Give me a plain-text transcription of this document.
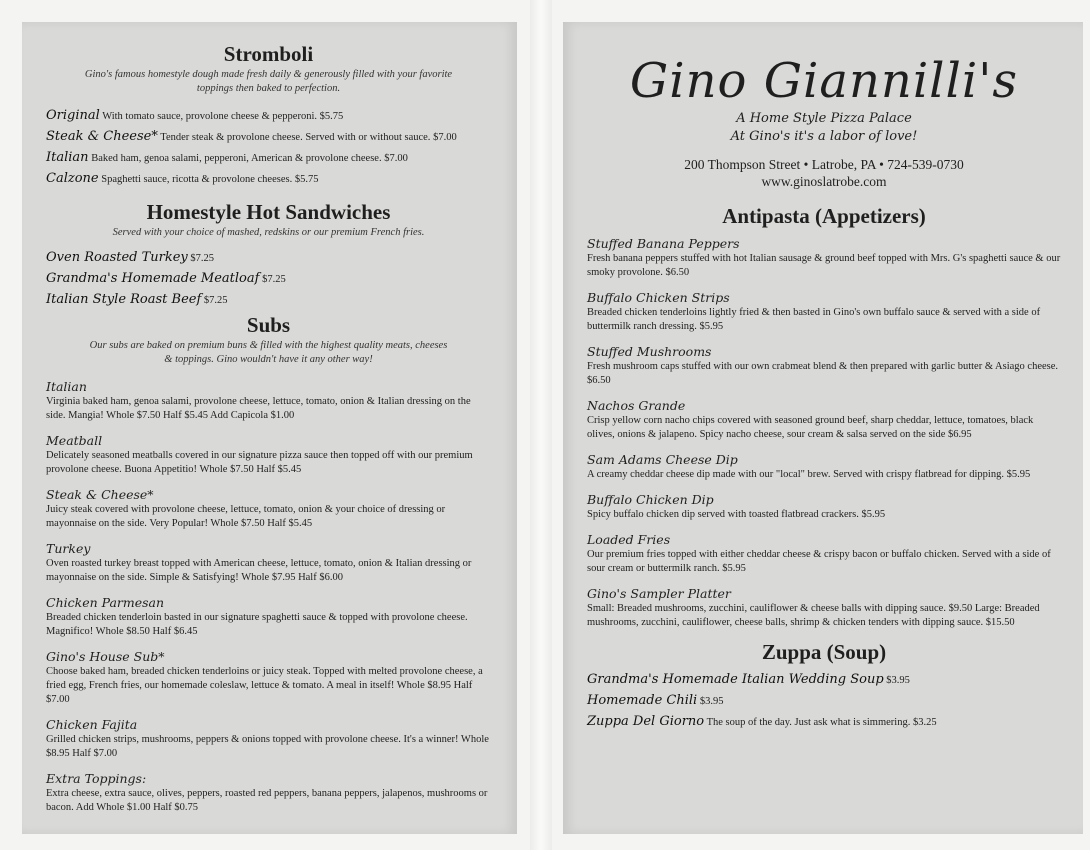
Stromboli
Gino's famous homestyle dough made fresh daily & generously filled with your favorite toppings then baked to perfection.
Original With tomato sauce, provolone cheese & pepperoni. $5.75
Steak & Cheese* Tender steak & provolone cheese. Served with or without sauce. $7.00
Italian Baked ham, genoa salami, pepperoni, American & provolone cheese. $7.00
Calzone Spaghetti sauce, ricotta & provolone cheeses. $5.75
Homestyle Hot Sandwiches
Served with your choice of mashed, redskins or our premium French fries.
Oven Roasted Turkey $7.25
Grandma's Homemade Meatloaf $7.25
Italian Style Roast Beef $7.25
Subs
Our subs are baked on premium buns & filled with the highest quality meats, cheeses & toppings. Gino wouldn't have it any other way!
Italian
Virginia baked ham, genoa salami, provolone cheese, lettuce, tomato, onion & Italian dressing on the side. Mangia! Whole $7.50 Half $5.45 Add Capicola $1.00
Meatball
Delicately seasoned meatballs covered in our signature pizza sauce then topped off with our premium provolone cheese. Buona Appetitio! Whole $7.50 Half $5.45
Steak & Cheese*
Juicy steak covered with provolone cheese, lettuce, tomato, onion & your choice of dressing or mayonnaise on the side. Very Popular! Whole $7.50 Half $5.45
Turkey
Oven roasted turkey breast topped with American cheese, lettuce, tomato, onion & Italian dressing or mayonnaise on the side. Simple & Satisfying! Whole $7.95 Half $6.00
Chicken Parmesan
Breaded chicken tenderloin basted in our signature spaghetti sauce & topped with provolone cheese. Magnifico! Whole $8.50 Half $6.45
Gino's House Sub*
Choose baked ham, breaded chicken tenderloins or juicy steak. Topped with melted provolone cheese, a fried egg, French fries, our homemade coleslaw, lettuce & tomato. A meal in itself! Whole $8.95 Half $7.00
Chicken Fajita
Grilled chicken strips, mushrooms, peppers & onions topped with provolone cheese. It's a winner! Whole $8.95 Half $7.00
Extra Toppings:
Extra cheese, extra sauce, olives, peppers, roasted red peppers, banana peppers, jalapenos, mushrooms or bacon. Add Whole $1.00 Half $0.75
Gino Giannilli's
A Home Style Pizza Palace
At Gino's it's a labor of love!
200 Thompson Street • Latrobe, PA • 724-539-0730
www.ginoslatrobe.com
Antipasta (Appetizers)
Stuffed Banana Peppers
Fresh banana peppers stuffed with hot Italian sausage & ground beef topped with Mrs. G's spaghetti sauce & our smoky provolone. $6.50
Buffalo Chicken Strips
Breaded chicken tenderloins lightly fried & then basted in Gino's own buffalo sauce & served with a side of buttermilk ranch dressing. $5.95
Stuffed Mushrooms
Fresh mushroom caps stuffed with our own crabmeat blend & then prepared with garlic butter & Asiago cheese. $6.50
Nachos Grande
Crisp yellow corn nacho chips covered with seasoned ground beef, sharp cheddar, lettuce, tomatoes, black olives, onions & jalapeno. Spicy nacho cheese, sour cream & salsa served on the side $6.95
Sam Adams Cheese Dip
A creamy cheddar cheese dip made with our "local" brew. Served with crispy flatbread for dipping. $5.95
Buffalo Chicken Dip
Spicy buffalo chicken dip served with toasted flatbread crackers. $5.95
Loaded Fries
Our premium fries topped with either cheddar cheese & crispy bacon or buffalo chicken. Served with a side of sour cream or buttermilk ranch. $5.95
Gino's Sampler Platter
Small: Breaded mushrooms, zucchini, cauliflower & cheese balls with dipping sauce. $9.50 Large: Breaded mushrooms, zucchini, cauliflower, cheese balls, shrimp & chicken tenders with dipping sauce. $15.50
Zuppa (Soup)
Grandma's Homemade Italian Wedding Soup $3.95
Homemade Chili $3.95
Zuppa Del Giorno The soup of the day. Just ask what is simmering. $3.25
